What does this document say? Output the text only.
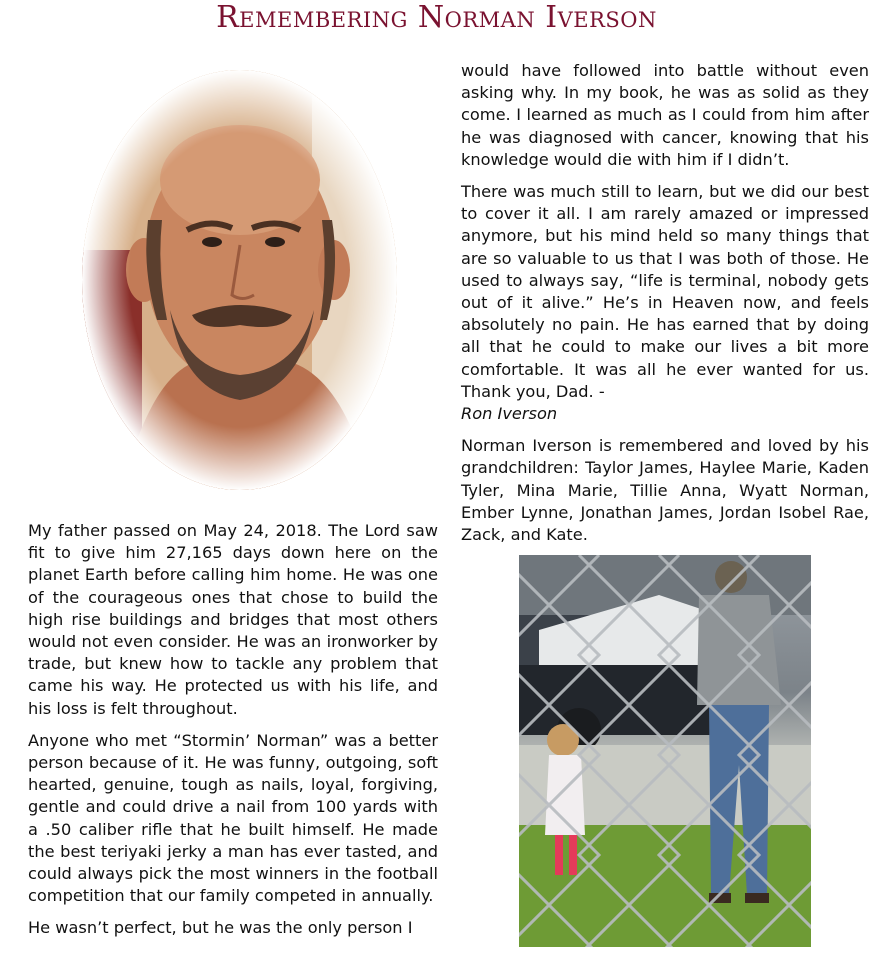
Remembering Norman Iverson

My father passed on May 24, 2018. The Lord saw fit to give him 27,165 days down here on the planet Earth before calling him home. He was one of the courageous ones that chose to build the high rise buildings and bridges that most others would not even consider. He was an ironworker by trade, but knew how to tackle any problem that came his way. He protected us with his life, and his loss is felt throughout.

Anyone who met “Stormin’ Norman” was a better person because of it. He was funny, outgoing, soft hearted, genuine, tough as nails, loyal, forgiving, gentle and could drive a nail from 100 yards with a .50 caliber rifle that he built himself. He made the best teriyaki jerky a man has ever tasted, and could always pick the most winners in the football competition that our family competed in annually.

He wasn’t perfect, but he was the only person I

would have followed into battle without even asking why. In my book, he was as solid as they come. I learned as much as I could from him after he was diagnosed with cancer, knowing that his knowledge would die with him if I didn’t.

There was much still to learn, but we did our best to cover it all. I am rarely amazed or impressed anymore, but his mind held so many things that are so valuable to us that I was both of those. He used to always say, “life is terminal, nobody gets out of it alive.” He’s in Heaven now, and feels absolutely no pain. He has earned that by doing all that he could to make our lives a bit more comfortable. It was all he ever wanted for us. Thank you, Dad. -
Ron Iverson

Norman Iverson is remembered and loved by his grandchildren: Taylor James, Haylee Marie, Kaden Tyler, Mina Marie, Tillie Anna, Wyatt Norman, Ember Lynne, Jonathan James, Jordan Isobel Rae, Zack, and Kate.
